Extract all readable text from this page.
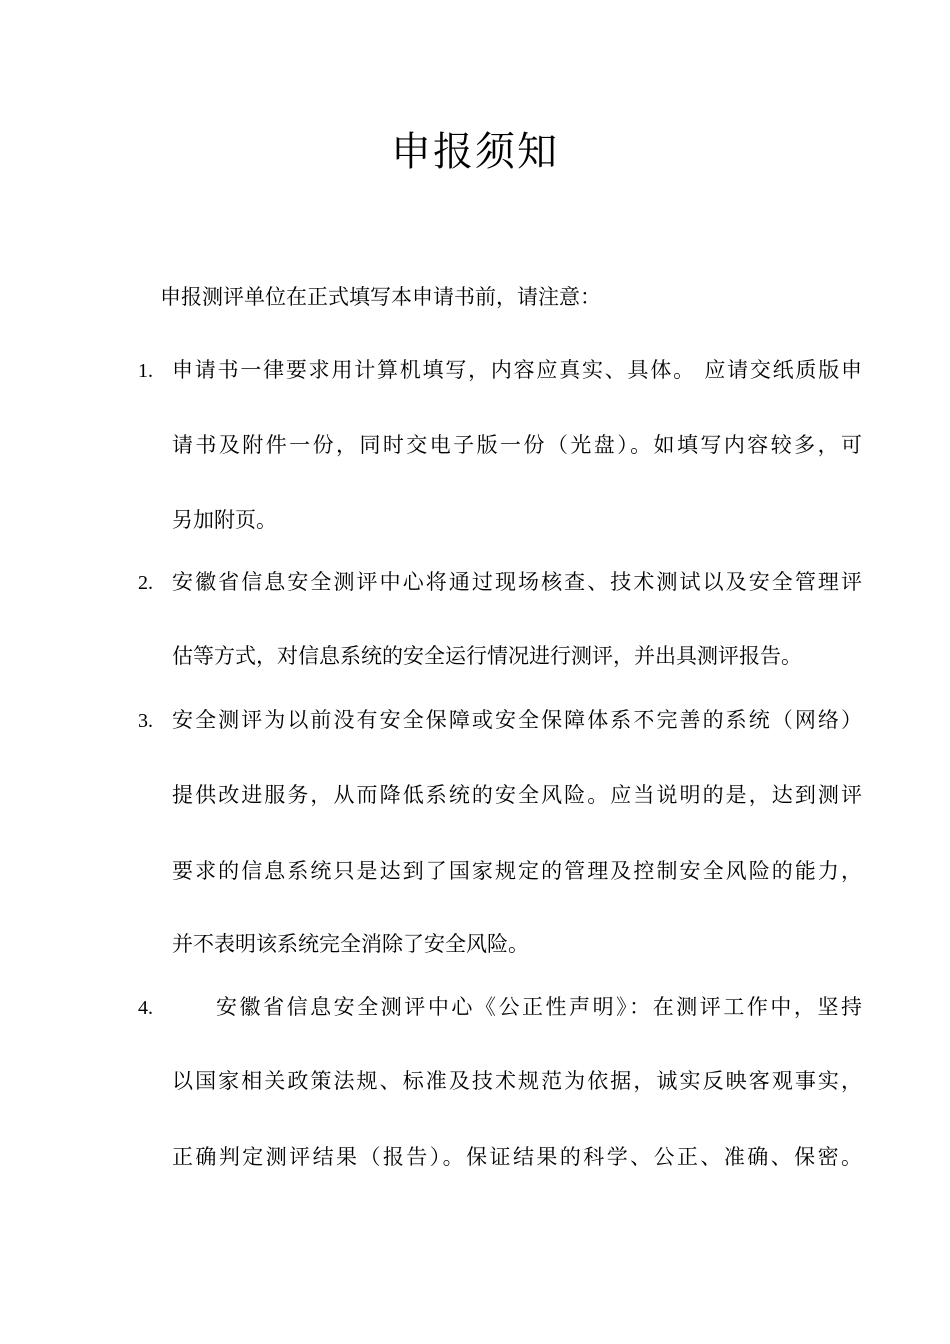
申报须知
申报测评单位在正式填写本申请书前，请注意：
1. 申请书一律要求用计算机填写，内容应真实、具体。 应请交纸质版申
请书及附件一份，同时交电子版一份（光盘）。如填写内容较多，可
另加附页。
2. 安徽省信息安全测评中心将通过现场核查、技术测试以及安全管理评
估等方式，对信息系统的安全运行情况进行测评，并出具测评报告。
3. 安全测评为以前没有安全保障或安全保障体系不完善的系统（网络）
提供改进服务，从而降低系统的安全风险。应当说明的是，达到测评
要求的信息系统只是达到了国家规定的管理及控制安全风险的能力，
并不表明该系统完全消除了安全风险。
4.	安徽省信息安全测评中心《公正性声明》：在测评工作中，坚持
以国家相关政策法规、标准及技术规范为依据，诚实反映客观事实，
正确判定测评结果（报告）。保证结果的科学、公正、准确、保密。
